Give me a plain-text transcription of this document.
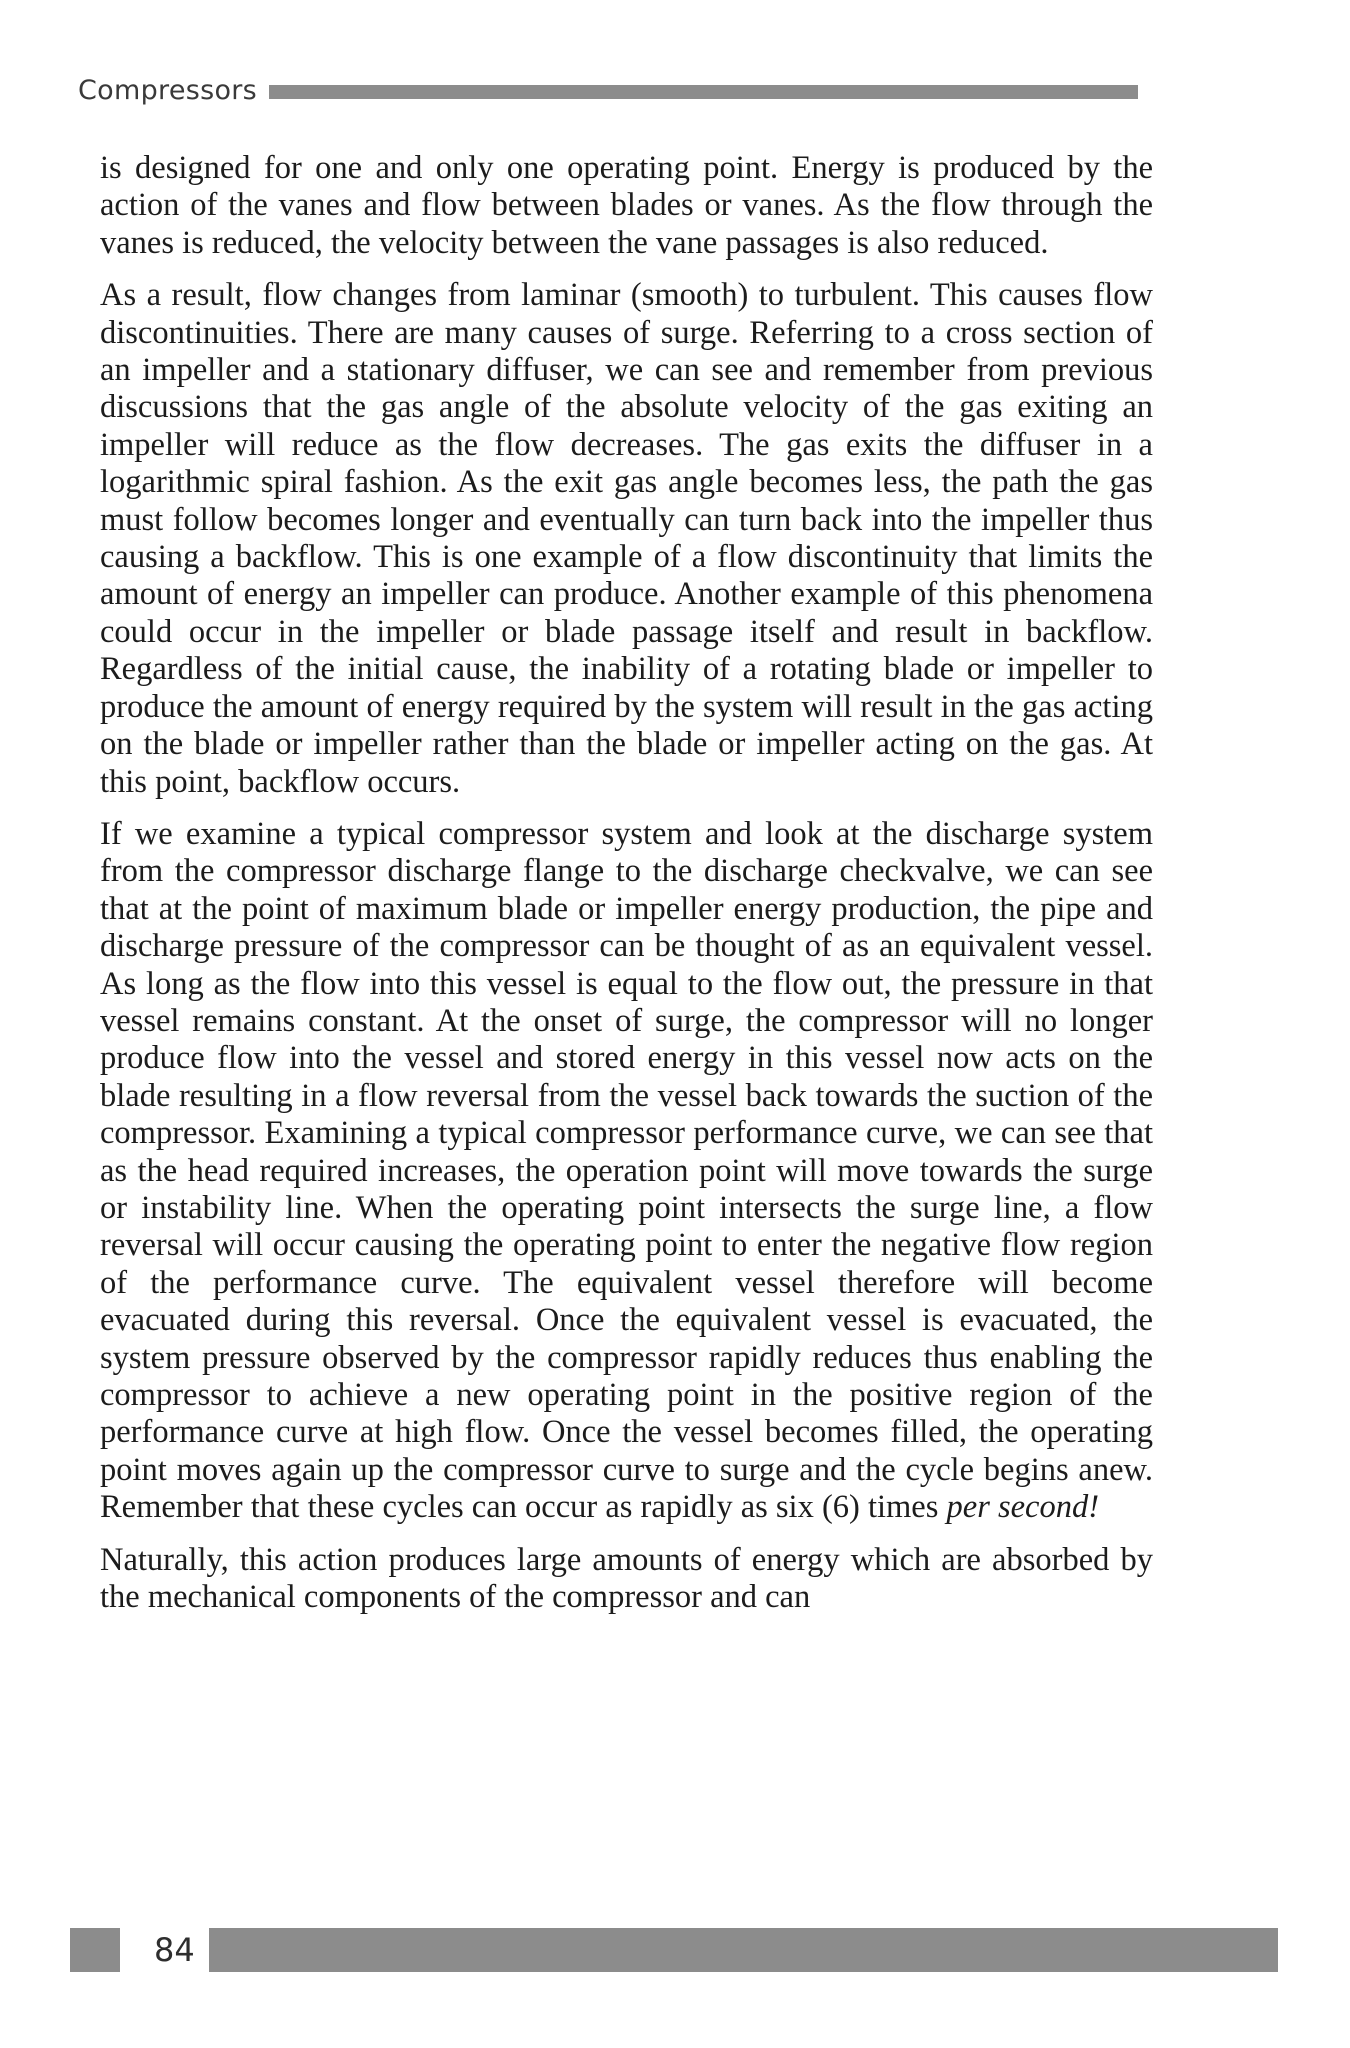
Compressors

is designed for one and only one operating point. Energy is produced by the action of the vanes and flow between blades or vanes. As the flow through the vanes is reduced, the velocity between the vane passages is also reduced.

As a result, flow changes from laminar (smooth) to turbulent. This causes flow discontinuities. There are many causes of surge. Referring to a cross section of an impeller and a stationary diffuser, we can see and remember from previous discussions that the gas angle of the absolute velocity of the gas exiting an impeller will reduce as the flow decreases. The gas exits the diffuser in a logarithmic spiral fashion. As the exit gas angle becomes less, the path the gas must follow becomes longer and eventually can turn back into the impeller thus causing a backflow. This is one example of a flow discontinuity that limits the amount of energy an impeller can produce. Another example of this phenomena could occur in the impeller or blade passage itself and result in backflow. Regardless of the initial cause, the inability of a rotating blade or impeller to produce the amount of energy required by the system will result in the gas acting on the blade or impeller rather than the blade or impeller acting on the gas. At this point, backflow occurs.

If we examine a typical compressor system and look at the discharge system from the compressor discharge flange to the discharge checkvalve, we can see that at the point of maximum blade or impeller energy production, the pipe and discharge pressure of the compressor can be thought of as an equivalent vessel. As long as the flow into this vessel is equal to the flow out, the pressure in that vessel remains constant. At the onset of surge, the compressor will no longer produce flow into the vessel and stored energy in this vessel now acts on the blade resulting in a flow reversal from the vessel back towards the suction of the compressor. Examining a typical compressor performance curve, we can see that as the head required increases, the operation point will move towards the surge or instability line. When the operating point intersects the surge line, a flow reversal will occur causing the operating point to enter the negative flow region of the performance curve. The equivalent vessel therefore will become evacuated during this reversal. Once the equivalent vessel is evacuated, the system pressure observed by the compressor rapidly reduces thus enabling the compressor to achieve a new operating point in the positive region of the performance curve at high flow. Once the vessel becomes filled, the operating point moves again up the compressor curve to surge and the cycle begins anew. Remember that these cycles can occur as rapidly as six (6) times per second!

Naturally, this action produces large amounts of energy which are absorbed by the mechanical components of the compressor and can

84
